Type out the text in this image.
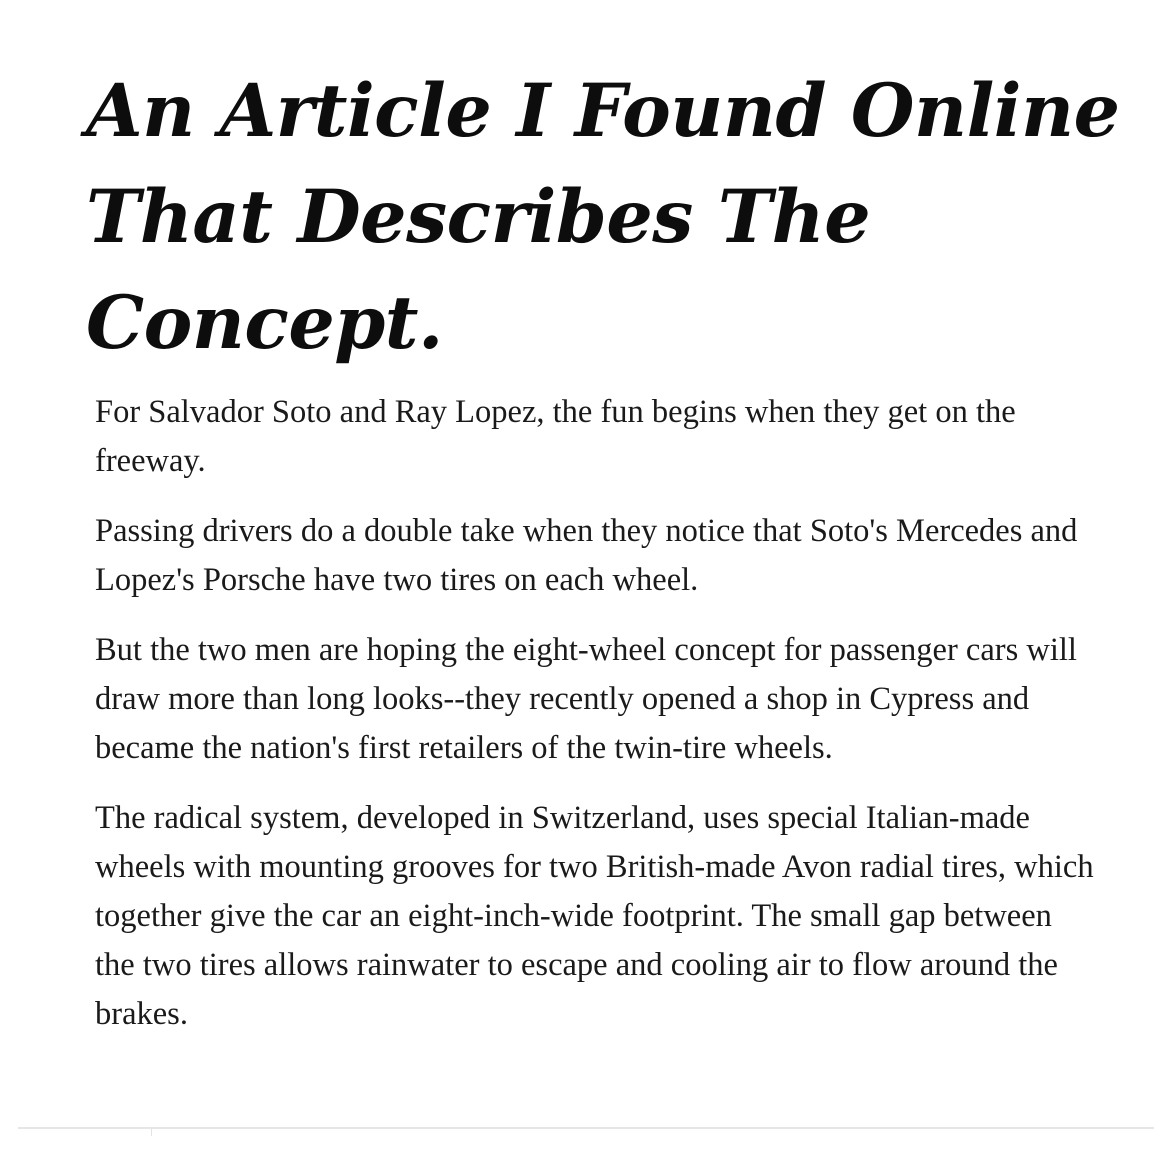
An Article I Found Online That Describes The Concept.

For Salvador Soto and Ray Lopez, the fun begins when they get on the freeway.

Passing drivers do a double take when they notice that Soto's Mercedes and Lopez's Porsche have two tires on each wheel.

But the two men are hoping the eight-wheel concept for passenger cars will draw more than long looks--they recently opened a shop in Cypress and became the nation's first retailers of the twin-tire wheels.

The radical system, developed in Switzerland, uses special Italian-made wheels with mounting grooves for two British-made Avon radial tires, which together give the car an eight-inch-wide footprint. The small gap between the two tires allows rainwater to escape and cooling air to flow around the brakes.
